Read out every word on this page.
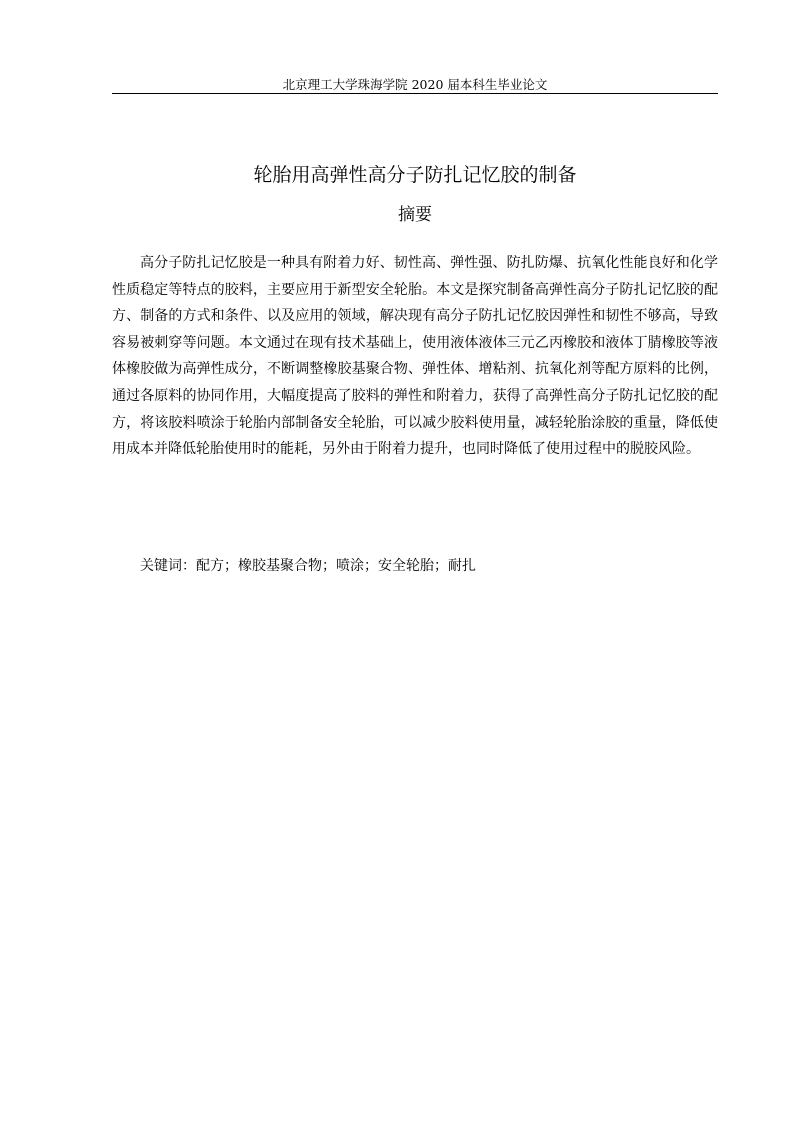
北京理工大学珠海学院 2020 届本科生毕业论文
轮胎用高弹性高分子防扎记忆胶的制备
摘要

高分子防扎记忆胶是一种具有附着力好、韧性高、弹性强、防扎防爆、抗氧化性能良好和化学性质稳定等特点的胶料，主要应用于新型安全轮胎。本文是探究制备高弹性高分子防扎记忆胶的配方、制备的方式和条件、以及应用的领域，解决现有高分子防扎记忆胶因弹性和韧性不够高，导致容易被刺穿等问题。本文通过在现有技术基础上，使用液体液体三元乙丙橡胶和液体丁腈橡胶等液体橡胶做为高弹性成分，不断调整橡胶基聚合物、弹性体、增粘剂、抗氧化剂等配方原料的比例，通过各原料的协同作用，大幅度提高了胶料的弹性和附着力，获得了高弹性高分子防扎记忆胶的配方，将该胶料喷涂于轮胎内部制备安全轮胎，可以减少胶料使用量，减轻轮胎涂胶的重量，降低使用成本并降低轮胎使用时的能耗，另外由于附着力提升，也同时降低了使用过程中的脱胶风险。

关键词：配方；橡胶基聚合物；喷涂；安全轮胎；耐扎
